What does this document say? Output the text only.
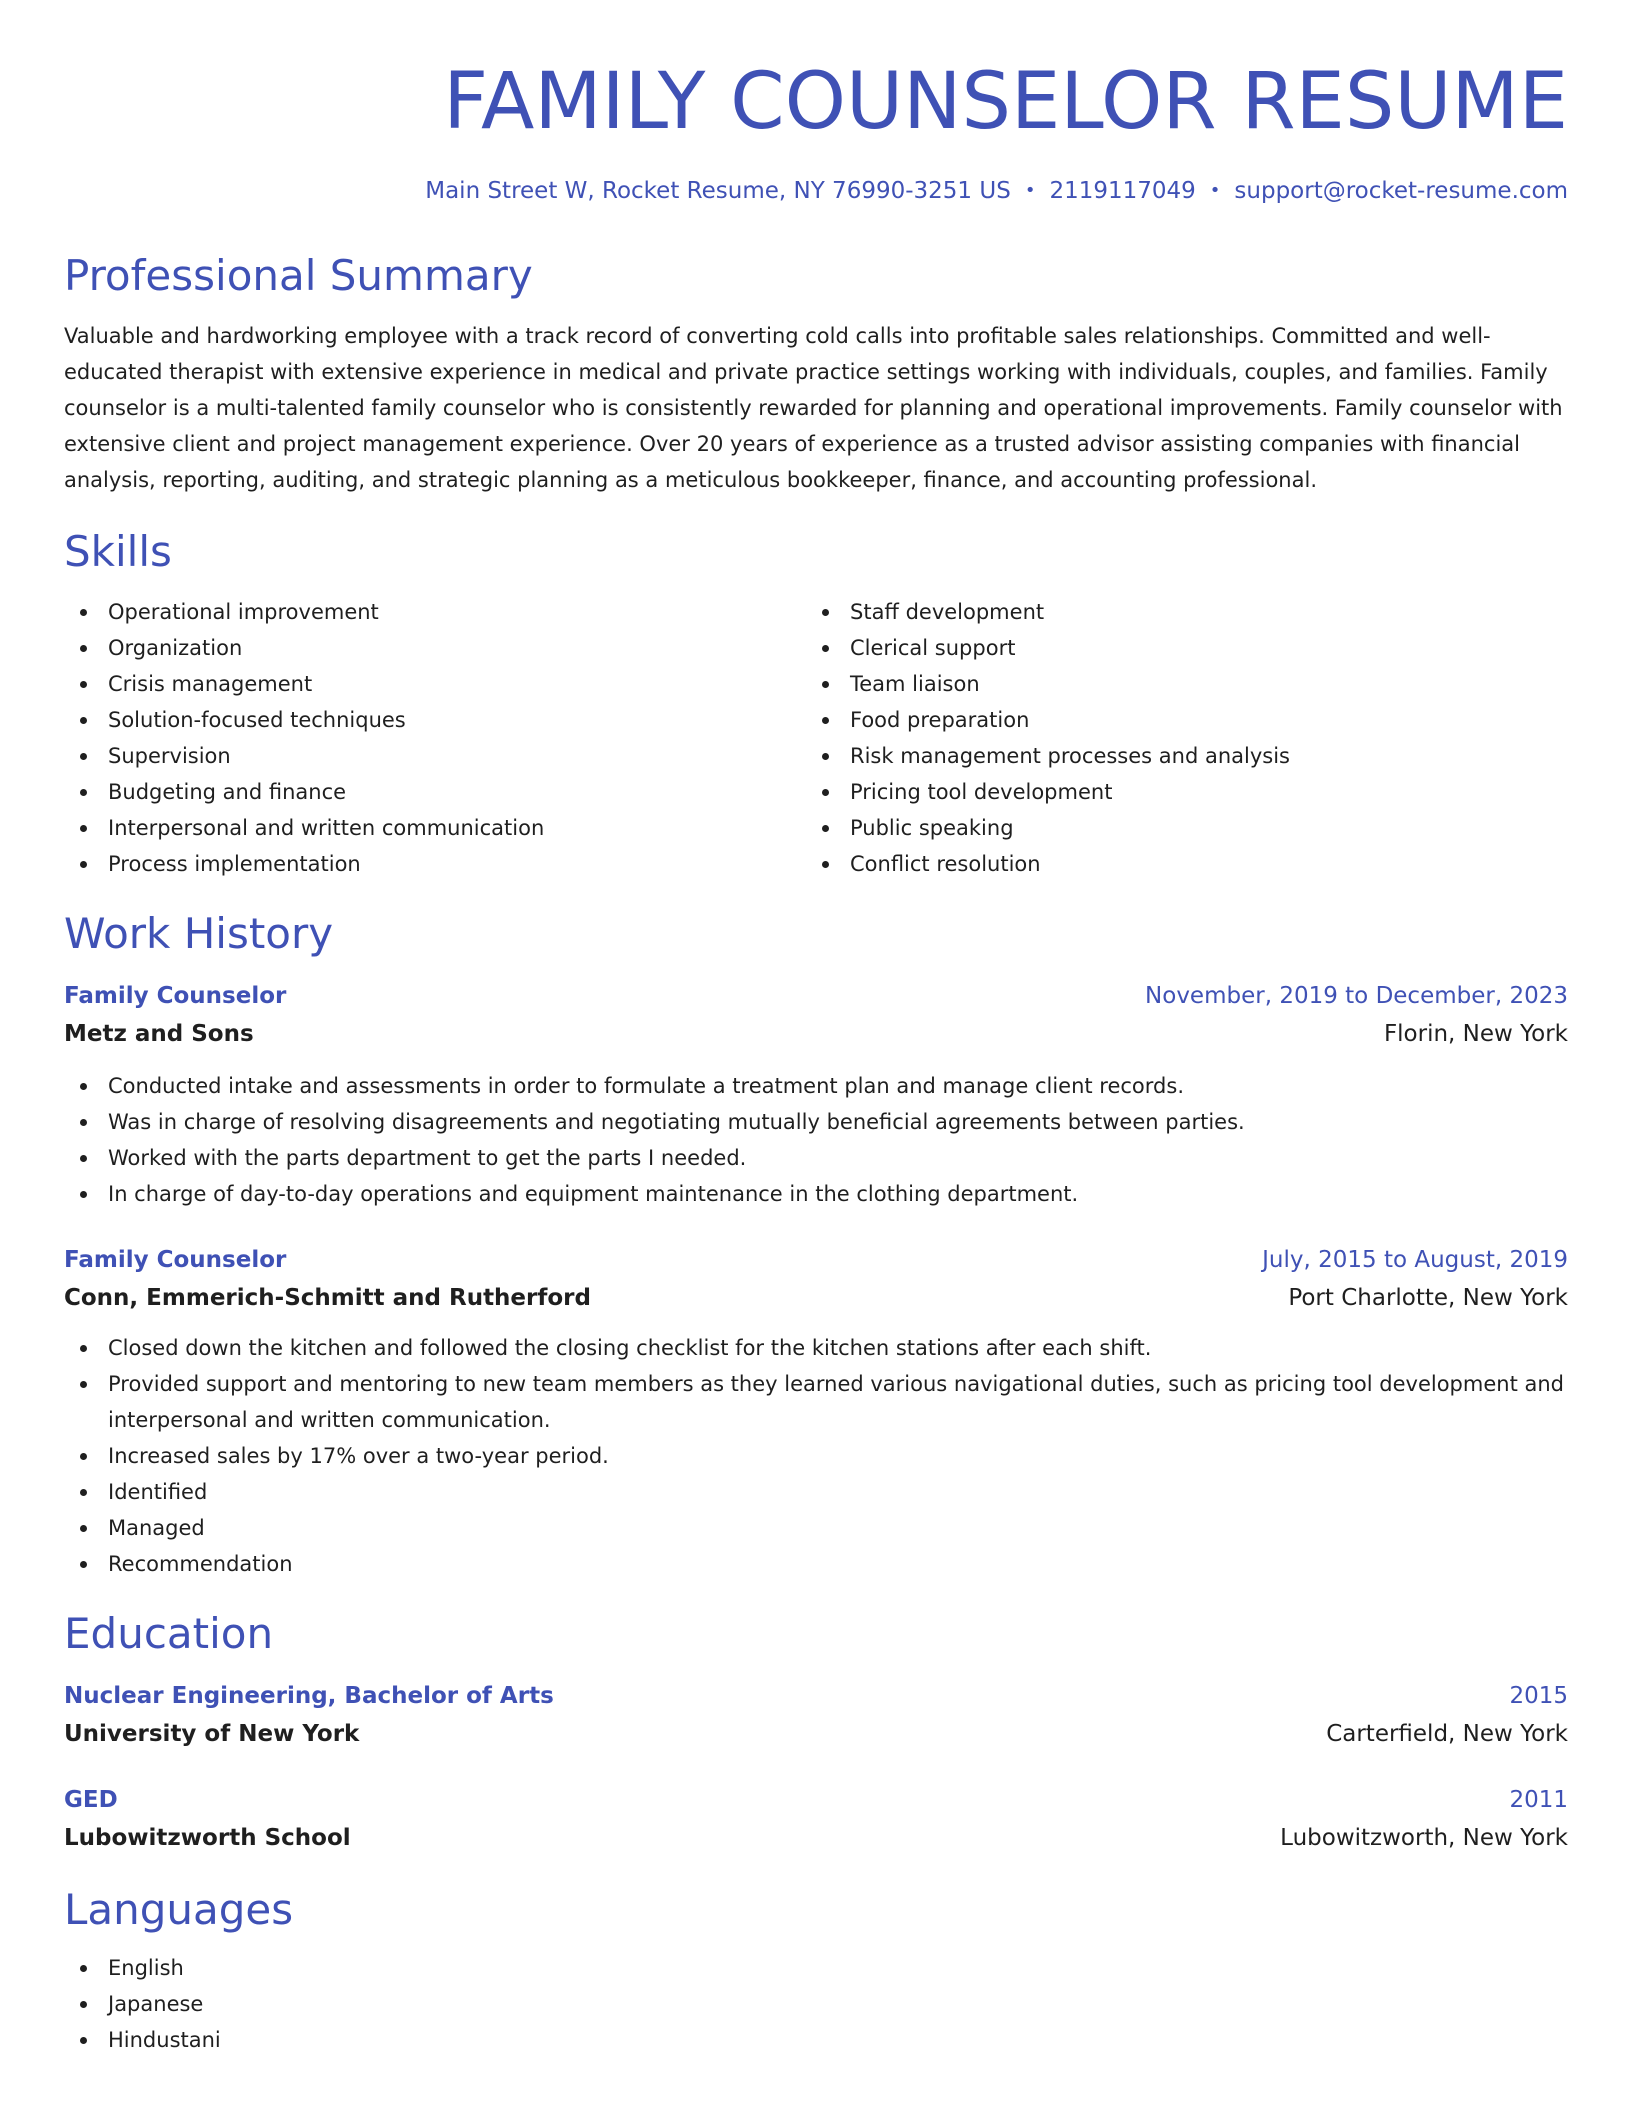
FAMILY COUNSELOR RESUME
Main Street W, Rocket Resume, NY 76990-3251 US • 2119117049 • support@rocket-resume.com
Professional Summary

Valuable and hardworking employee with a track record of converting cold calls into profitable sales relationships. Committed and well-educated therapist with extensive experience in medical and private practice settings working with individuals, couples, and families. Family counselor is a multi-talented family counselor who is consistently rewarded for planning and operational improvements. Family counselor with extensive client and project management experience. Over 20 years of experience as a trusted advisor assisting companies with financial analysis, reporting, auditing, and strategic planning as a meticulous bookkeeper, finance, and accounting professional.

Skills
Operational improvement
Organization
Crisis management
Solution-focused techniques
Supervision
Budgeting and finance
Interpersonal and written communication
Process implementation
Staff development
Clerical support
Team liaison
Food preparation
Risk management processes and analysis
Pricing tool development
Public speaking
Conflict resolution
Work History
Family Counselor	November, 2019 to December, 2023
Metz and Sons	Florin, New York
Conducted intake and assessments in order to formulate a treatment plan and manage client records.
Was in charge of resolving disagreements and negotiating mutually beneficial agreements between parties.
Worked with the parts department to get the parts I needed.
In charge of day-to-day operations and equipment maintenance in the clothing department.
Family Counselor	July, 2015 to August, 2019
Conn, Emmerich-Schmitt and Rutherford	Port Charlotte, New York
Closed down the kitchen and followed the closing checklist for the kitchen stations after each shift.
Provided support and mentoring to new team members as they learned various navigational duties, such as pricing tool development and interpersonal and written communication.
Increased sales by 17% over a two-year period.
Identified
Managed
Recommendation
Education
Nuclear Engineering, Bachelor of Arts	2015
University of New York	Carterfield, New York
GED	2011
Lubowitzworth School	Lubowitzworth, New York
Languages
English
Japanese
Hindustani
